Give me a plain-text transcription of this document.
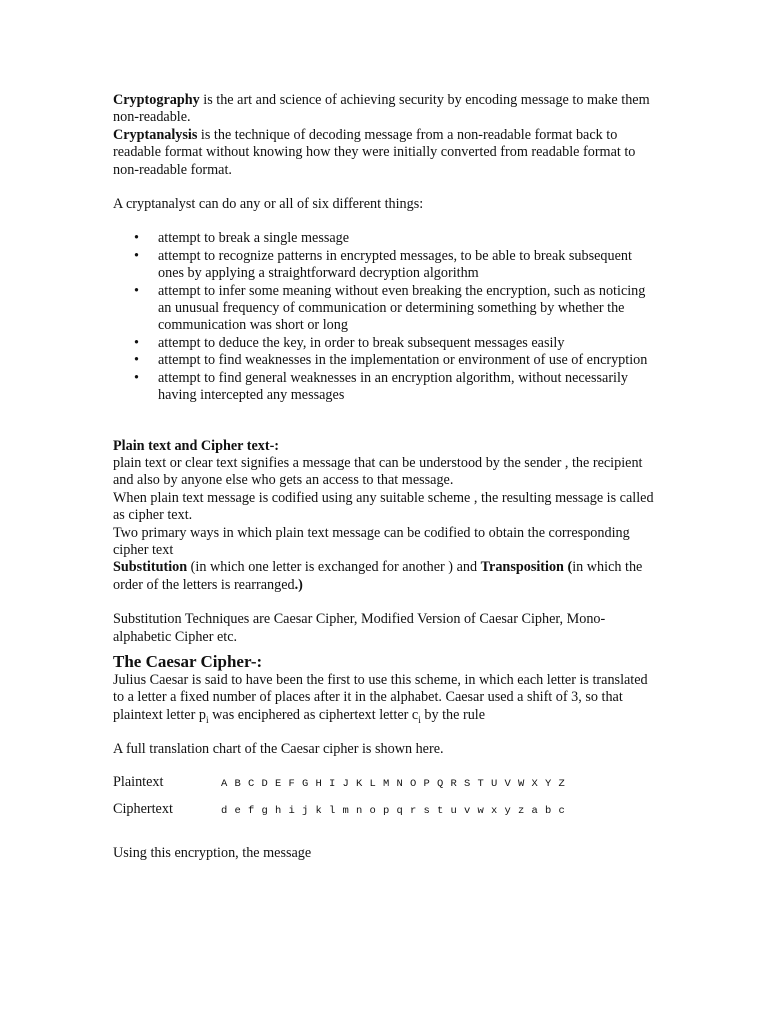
Cryptography is the art and science of achieving security by encoding message to make them non-readable.

Cryptanalysis is the technique of decoding message from a non-readable format back to readable format without knowing how they were initially converted from readable format to non-readable format.

A cryptanalyst can do any or all of six different things:

• attempt to break a single message
• attempt to recognize patterns in encrypted messages, to be able to break subsequent ones by applying a straightforward decryption algorithm
• attempt to infer some meaning without even breaking the encryption, such as noticing an unusual frequency of communication or determining something by whether the communication was short or long
• attempt to deduce the key, in order to break subsequent messages easily
• attempt to find weaknesses in the implementation or environment of use of encryption
• attempt to find general weaknesses in an encryption algorithm, without necessarily having intercepted any messages

Plain text and Cipher text-:

plain text or clear text signifies a message that can be understood by the sender , the recipient and also by anyone else who gets an access to that message.

When plain text message is codified using any suitable scheme , the resulting message is called as cipher text.

Two primary ways in which plain text message can be codified to obtain the corresponding cipher text

Substitution (in which one letter is exchanged for another ) and Transposition (in which the order of the letters is rearranged.)

Substitution Techniques are Caesar Cipher, Modified Version of Caesar Cipher, Mono-alphabetic Cipher etc.

The Caesar Cipher-:

Julius Caesar is said to have been the first to use this scheme, in which each letter is translated to a letter a fixed number of places after it in the alphabet. Caesar used a shift of 3, so that plaintext letter $p_i$ was enciphered as ciphertext letter $c_i$ by the rule

A full translation chart of the Caesar cipher is shown here.

Plaintext	A B C D E F G H I J K L M N O P Q R S T U V W X Y Z
Ciphertext	d e f g h i j k l m n o p q r s t u v w x y z a b c

Using this encryption, the message
